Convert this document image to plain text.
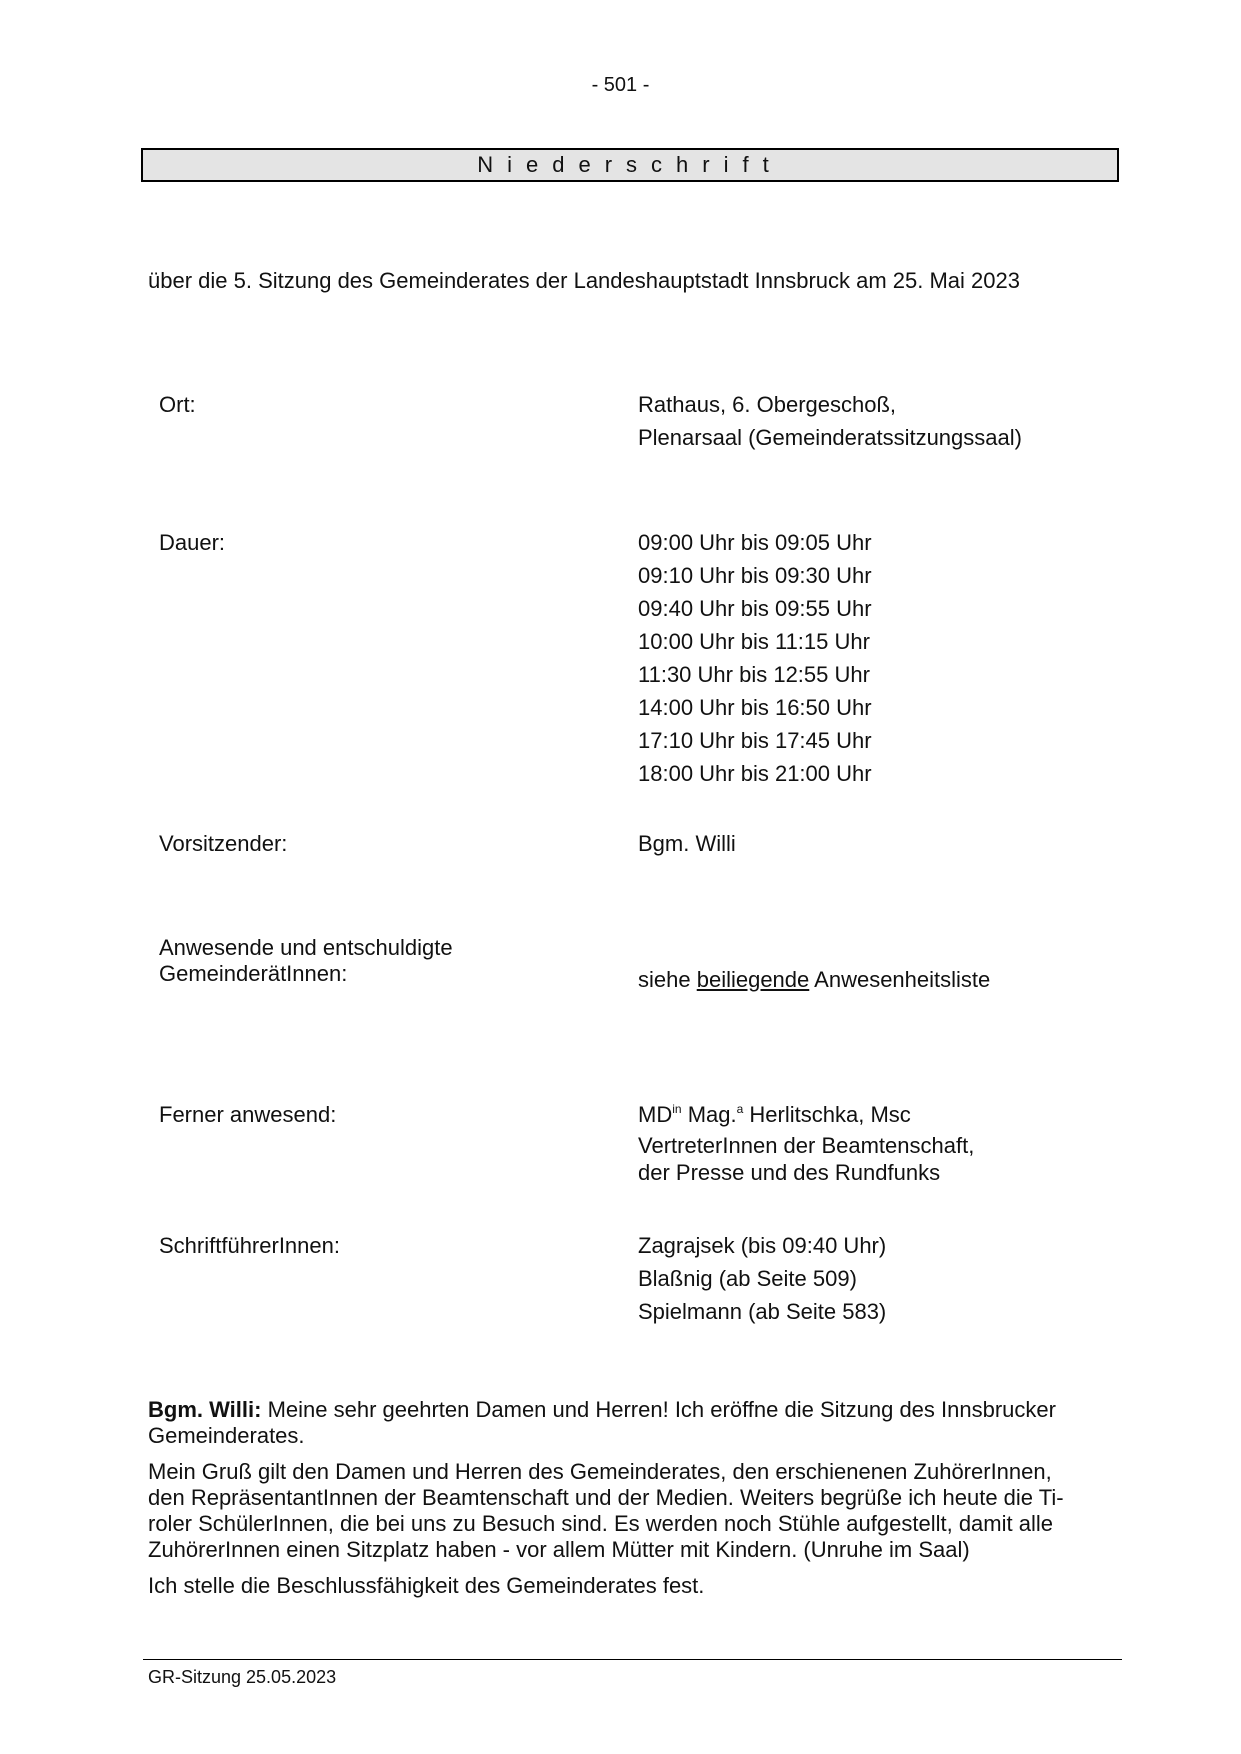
- 501 -
Niederschrift
über die 5. Sitzung des Gemeinderates der Landeshauptstadt Innsbruck am 25. Mai 2023
Ort:	Rathaus, 6. Obergeschoß,
Plenarsaal (Gemeinderatssitzungssaal)
Dauer:	09:00 Uhr bis 09:05 Uhr
09:10 Uhr bis 09:30 Uhr
09:40 Uhr bis 09:55 Uhr
10:00 Uhr bis 11:15 Uhr
11:30 Uhr bis 12:55 Uhr
14:00 Uhr bis 16:50 Uhr
17:10 Uhr bis 17:45 Uhr
18:00 Uhr bis 21:00 Uhr
Vorsitzender:	Bgm. Willi
Anwesende und entschuldigte
GemeinderätInnen:	siehe beiliegende Anwesenheitsliste
Ferner anwesend:	$MD^{in}$ Mag.$^a$ Herlitschka, Msc
VertreterInnen der Beamtenschaft,
der Presse und des Rundfunks
SchriftführerInnen:	Zagrajsek (bis 09:40 Uhr)
Blaßnig (ab Seite 509)
Spielmann (ab Seite 583)

Bgm. Willi: Meine sehr geehrten Damen und Herren! Ich eröffne die Sitzung des Innsbrucker Gemeinderates.

Mein Gruß gilt den Damen und Herren des Gemeinderates, den erschienenen ZuhörerInnen,
den RepräsentantInnen der Beamtenschaft und der Medien. Weiters begrüße ich heute die Ti-
roler SchülerInnen, die bei uns zu Besuch sind. Es werden noch Stühle aufgestellt, damit alle
ZuhörerInnen einen Sitzplatz haben - vor allem Mütter mit Kindern. (Unruhe im Saal)

Ich stelle die Beschlussfähigkeit des Gemeinderates fest.

GR-Sitzung 25.05.2023
